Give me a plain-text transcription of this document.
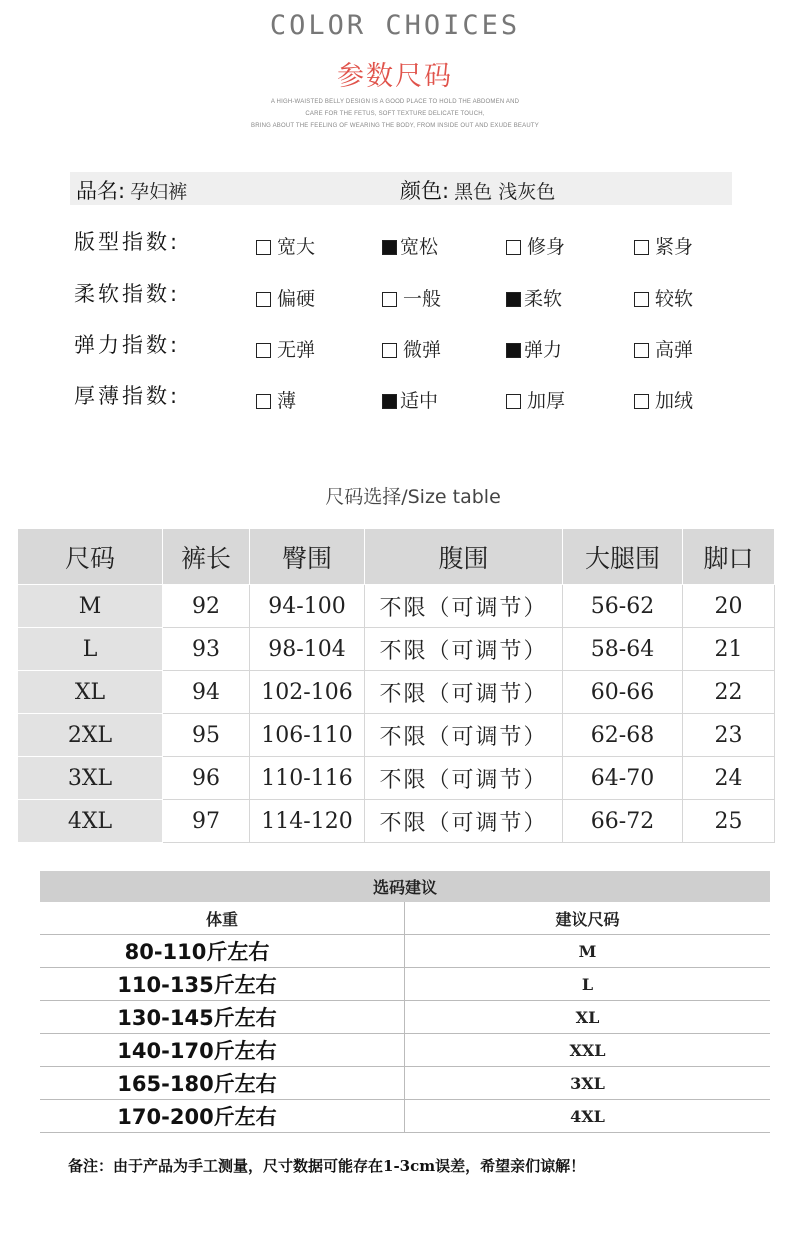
COLOR CHOICES
参数尺码
A HIGH-WAISTED BELLY DESIGN IS A GOOD PLACE TO HOLD THE ABDOMEN AND
CARE FOR THE FETUS, SOFT TEXTURE DELICATE TOUCH,
BRING ABOUT THE FEELING OF WEARING THE BODY, FROM INSIDE OUT AND EXUDE BEAUTY
品名: 孕妇裤	颜色: 黑色 浅灰色
版型指数:	宽大	宽松	修身	紧身
柔软指数:	偏硬	一般	柔软	较软
弹力指数:	无弹	微弹	弹力	高弹
厚薄指数:	薄	适中	加厚	加绒
尺码选择/Size table
尺码	裤长	臀围	腹围	大腿围	脚口
M	92	94-100	不限（可调节）	56-62	20
L	93	98-104	不限（可调节）	58-64	21
XL	94	102-106	不限（可调节）	60-66	22
2XL	95	106-110	不限（可调节）	62-68	23
3XL	96	110-116	不限（可调节）	64-70	24
4XL	97	114-120	不限（可调节）	66-72	25
选码建议	
体重	建议尺码
80-110斤左右	M
110-135斤左右	L
130-145斤左右	XL
140-170斤左右	XXL
165-180斤左右	3XL
170-200斤左右	4XL
备注：由于产品为手工测量，尺寸数据可能存在1-3cm误差，希望亲们谅解！
